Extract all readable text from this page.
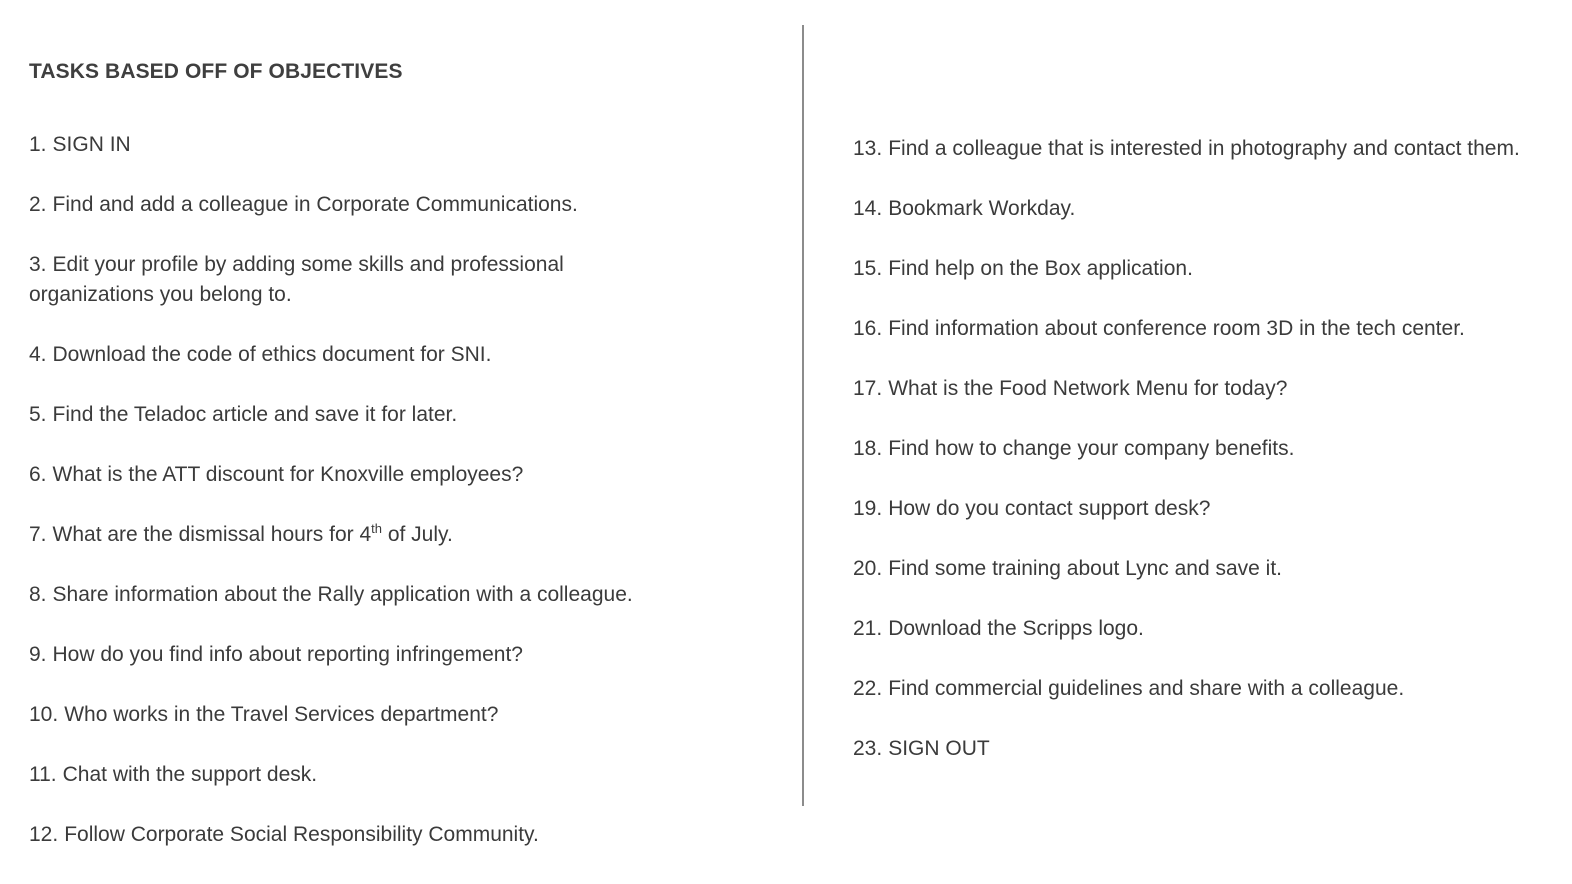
TASKS BASED OFF OF OBJECTIVES
1. SIGN IN
2. Find and add a colleague in Corporate Communications.
3. Edit your profile by adding some skills and professional organizations you belong to.
4. Download the code of ethics document for SNI.
5. Find the Teladoc article and save it for later.
6. What is the ATT discount for Knoxville employees?
7. What are the dismissal hours for 4th of July.
8. Share information about the Rally application with a colleague.
9. How do you find info about reporting infringement?
10. Who works in the Travel Services department?
11. Chat with the support desk.
12. Follow Corporate Social Responsibility Community.
13. Find a colleague that is interested in photography and contact them.
14. Bookmark Workday.
15. Find help on the Box application.
16. Find information about conference room 3D in the tech center.
17. What is the Food Network Menu for today?
18. Find how to change your company benefits.
19. How do you contact support desk?
20. Find some training about Lync and save it.
21. Download the Scripps logo.
22. Find commercial guidelines and share with a colleague.
23. SIGN OUT
